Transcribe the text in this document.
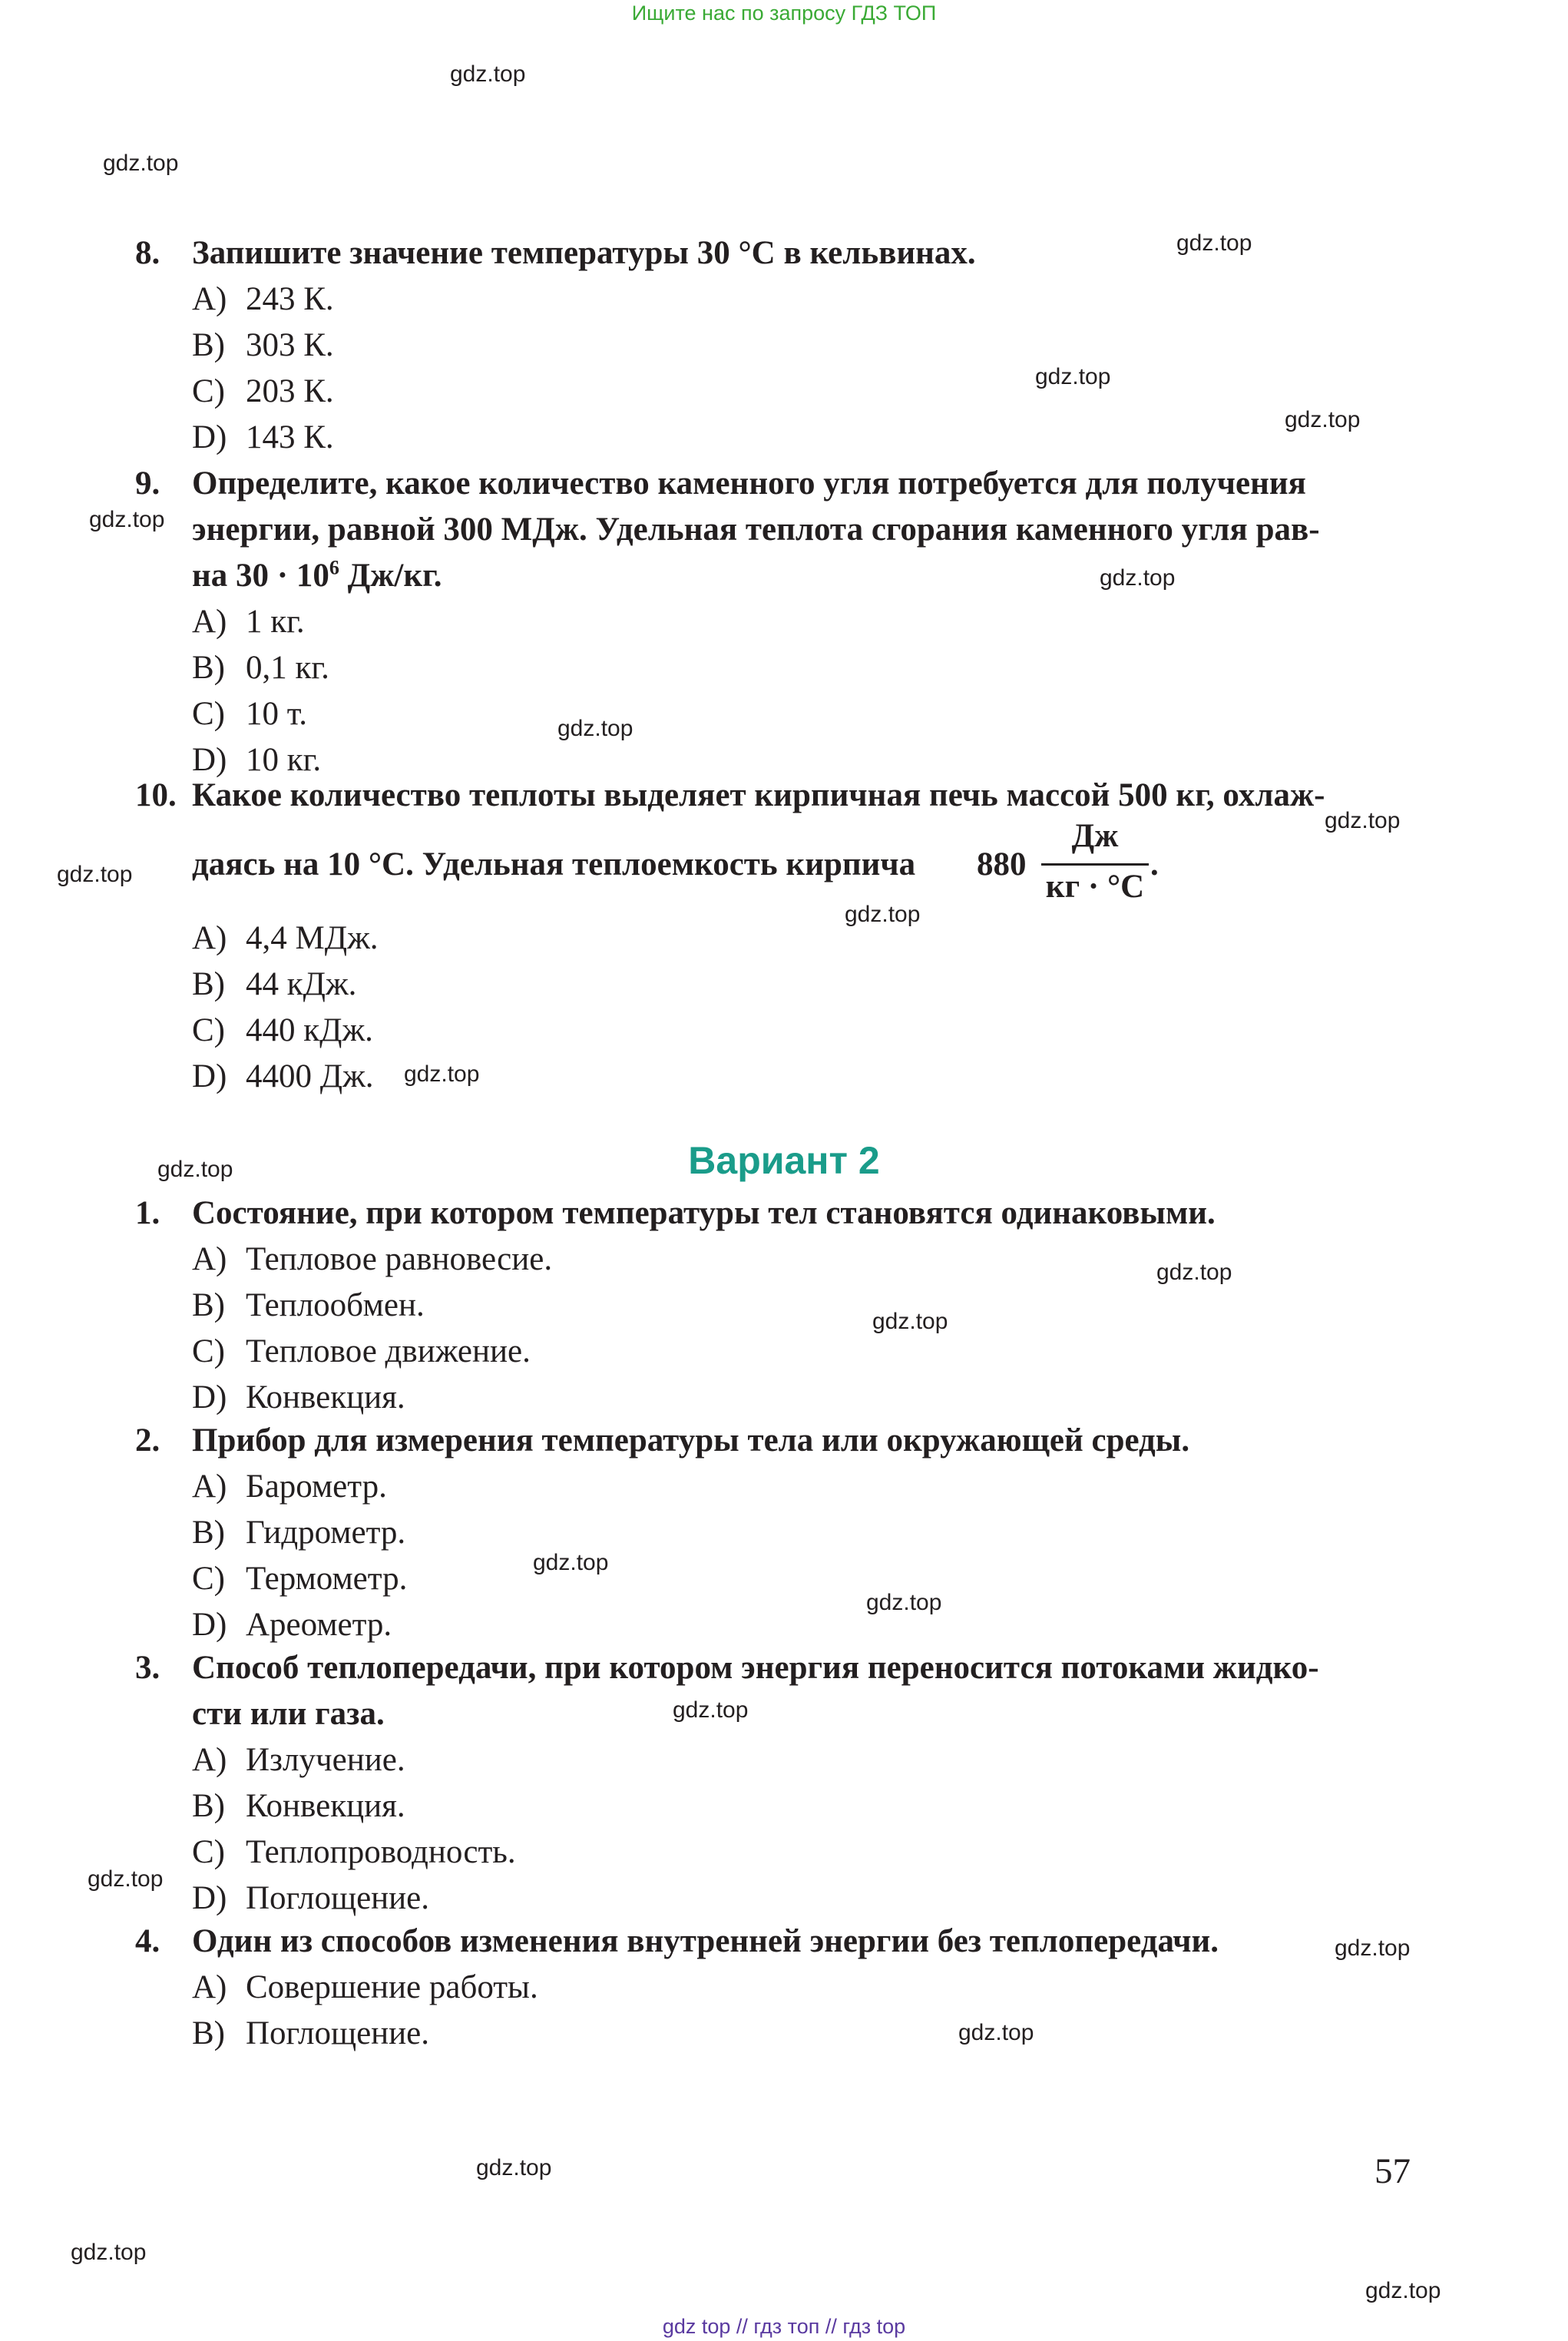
Ищите нас по запросу ГДЗ ТОП
gdz.top
gdz.top
gdz.top
gdz.top
gdz.top
gdz.top
gdz.top
gdz.top
gdz.top
gdz.top
gdz.top
gdz.top
gdz.top
gdz.top
gdz.top
gdz.top
gdz.top
gdz.top
gdz.top
gdz.top
gdz.top
gdz.top
gdz.top
gdz.top
8. Запишите значение температуры 30 °С в кельвинах.
A) 243 К.
B) 303 К.
C) 203 К.
D) 143 К.
9. Определите, какое количество каменного угля потребуется для получения
энергии, равной 300 МДж. Удельная теплота сгорания каменного угля рав-
на $30 \cdot 10^6$ Дж/кг.
A) 1 кг.
B) 0,1 кг.
C) 10 т.
D) 10 кг.
10. Какое количество теплоты выделяет кирпичная печь массой 500 кг, охлаж-
даясь на 10 °С. Удельная теплоемкость кирпича 880
Дж
кг · °С
.
A) 4,4 МДж.
B) 44 кДж.
C) 440 кДж.
D) 4400 Дж.
Вариант 2
1. Состояние, при котором температуры тел становятся одинаковыми.
A) Тепловое равновесие.
B) Теплообмен.
C) Тепловое движение.
D) Конвекция.
2. Прибор для измерения температуры тела или окружающей среды.
A) Барометр.
B) Гидрометр.
C) Термометр.
D) Ареометр.
3. Способ теплопередачи, при котором энергия переносится потоками жидко-
сти или газа.
A) Излучение.
B) Конвекция.
C) Теплопроводность.
D) Поглощение.
4. Один из способов изменения внутренней энергии без теплопередачи.
A) Совершение работы.
B) Поглощение.
57
gdz top // гдз топ // гдз top
